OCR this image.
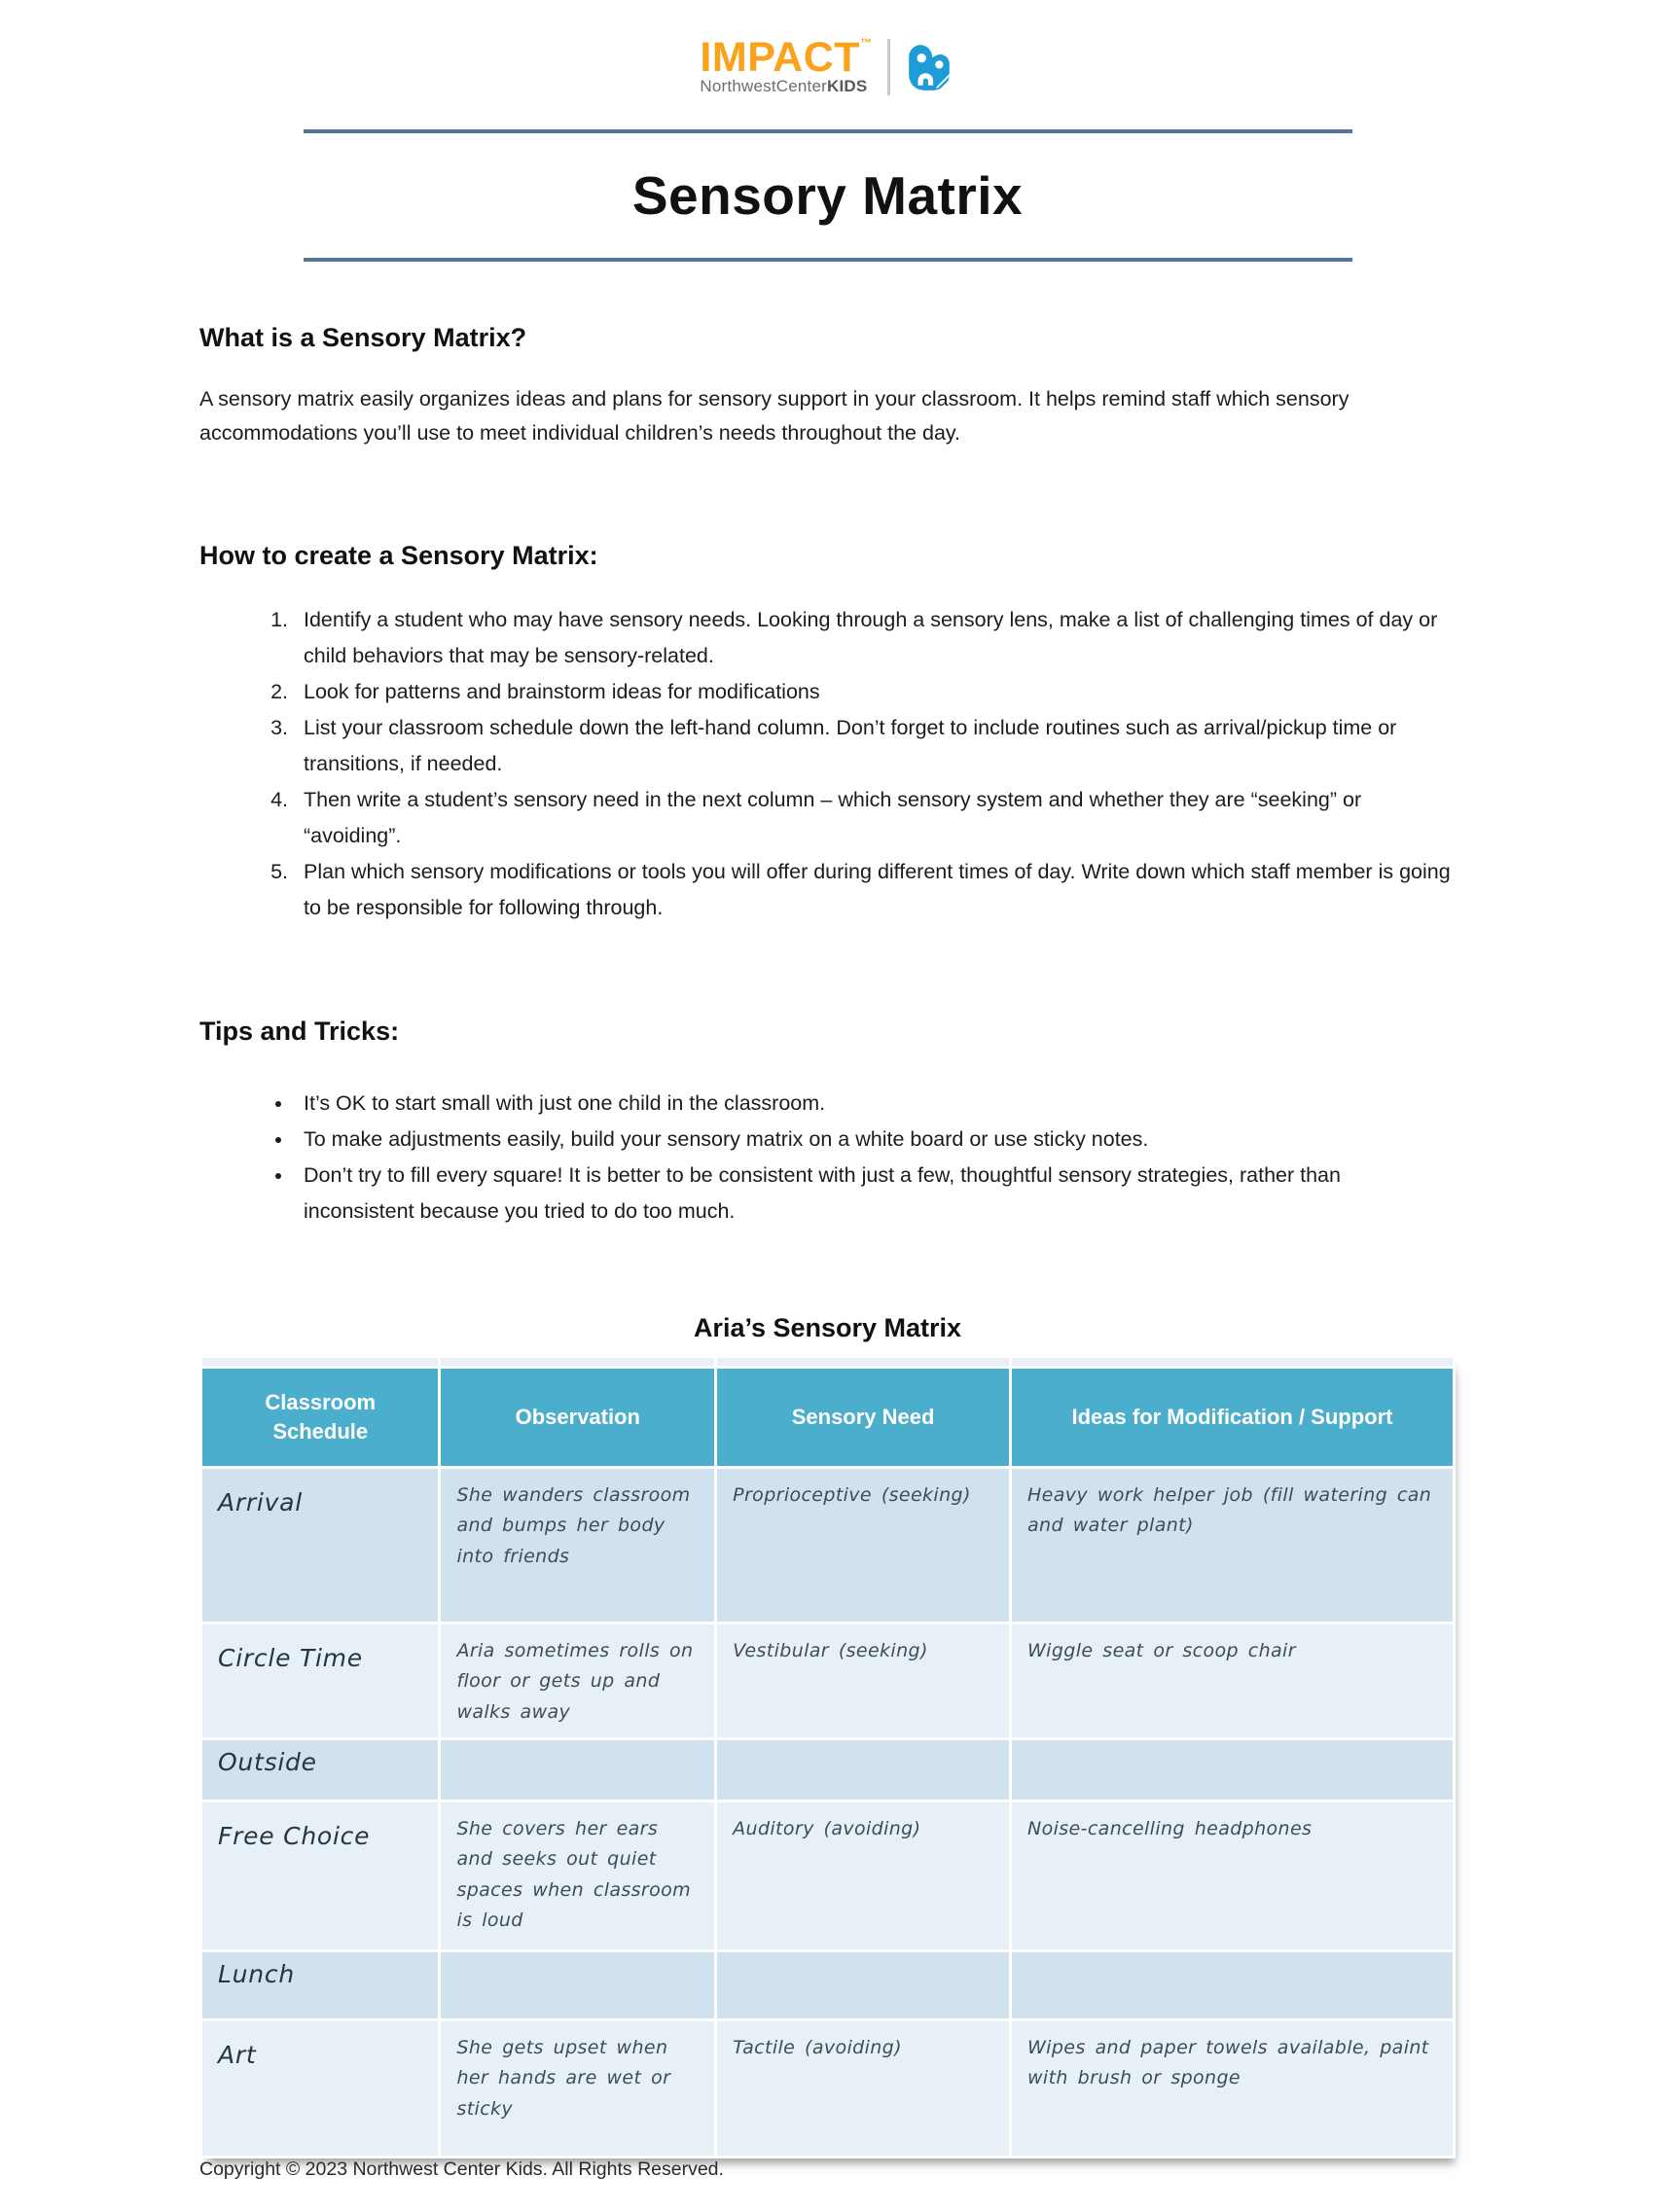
IMPACT™
NorthwestCenterKIDS
Sensory Matrix
What is a Sensory Matrix?
A sensory matrix easily organizes ideas and plans for sensory support in your classroom. It helps remind staff which sensory accommodations you’ll use to meet individual children’s needs throughout the day.
How to create a Sensory Matrix:
1. Identify a student who may have sensory needs. Looking through a sensory lens, make a list of challenging times of day or child behaviors that may be sensory-related.
2. Look for patterns and brainstorm ideas for modifications
3. List your classroom schedule down the left-hand column. Don’t forget to include routines such as arrival/pickup time or transitions, if needed.
4. Then write a student’s sensory need in the next column – which sensory system and whether they are “seeking” or “avoiding”.
5. Plan which sensory modifications or tools you will offer during different times of day. Write down which staff member is going to be responsible for following through.
Tips and Tricks:
• It’s OK to start small with just one child in the classroom.
• To make adjustments easily, build your sensory matrix on a white board or use sticky notes.
• Don’t try to fill every square! It is better to be consistent with just a few, thoughtful sensory strategies, rather than inconsistent because you tried to do too much.
Aria’s Sensory Matrix

Classroom Schedule	Observation	Sensory Need	Ideas for Modification / Support
Arrival	She wanders classroom and bumps her body into friends	Proprioceptive (seeking)	Heavy work helper job (fill watering can and water plant)
Circle Time	Aria sometimes rolls on floor or gets up and walks away	Vestibular (seeking)	Wiggle seat or scoop chair
Outside			
Free Choice	She covers her ears and seeks out quiet spaces when classroom is loud	Auditory (avoiding)	Noise-cancelling headphones
Lunch			
Art	She gets upset when her hands are wet or sticky	Tactile (avoiding)	Wipes and paper towels available, paint with brush or sponge
Copyright © 2023 Northwest Center Kids. All Rights Reserved.
